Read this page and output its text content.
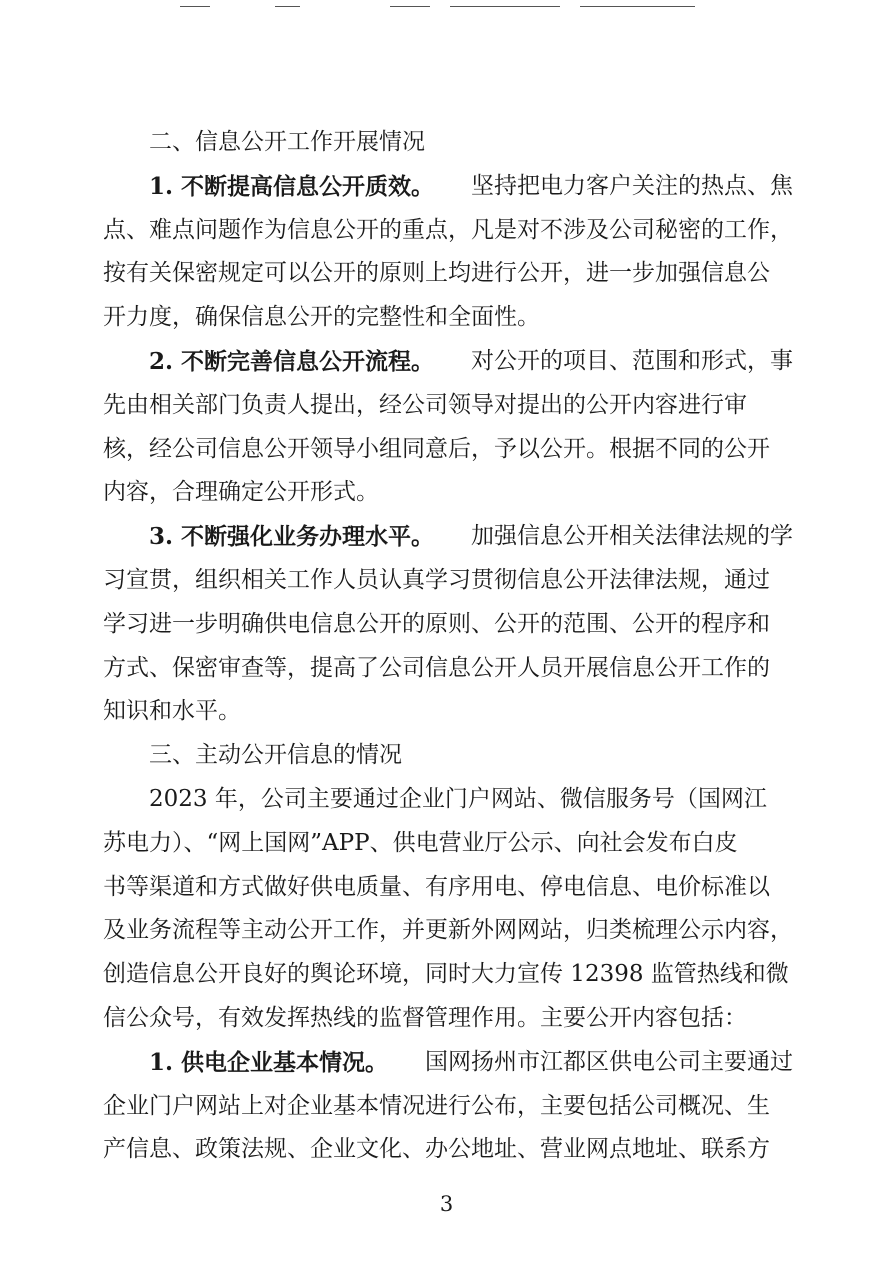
二、信息公开工作开展情况
1. 不断提高信息公开质效。 坚持把电力客户关注的热点、焦
点、难点问题作为信息公开的重点，凡是对不涉及公司秘密的工作，
按有关保密规定可以公开的原则上均进行公开，进一步加强信息公
开力度，确保信息公开的完整性和全面性。
2. 不断完善信息公开流程。 对公开的项目、范围和形式，事
先由相关部门负责人提出，经公司领导对提出的公开内容进行审
核，经公司信息公开领导小组同意后，予以公开。根据不同的公开
内容，合理确定公开形式。
3. 不断强化业务办理水平。 加强信息公开相关法律法规的学
习宣贯，组织相关工作人员认真学习贯彻信息公开法律法规，通过
学习进一步明确供电信息公开的原则、公开的范围、公开的程序和
方式、保密审查等，提高了公司信息公开人员开展信息公开工作的
知识和水平。
三、主动公开信息的情况
2023 年，公司主要通过企业门户网站、微信服务号（国网江
苏电力）、“网上国网”APP、供电营业厅公示、向社会发布白皮
书等渠道和方式做好供电质量、有序用电、停电信息、电价标准以
及业务流程等主动公开工作，并更新外网网站，归类梳理公示内容，
创造信息公开良好的舆论环境，同时大力宣传 12398 监管热线和微
信公众号，有效发挥热线的监督管理作用。主要公开内容包括：
1. 供电企业基本情况。 国网扬州市江都区供电公司主要通过
企业门户网站上对企业基本情况进行公布，主要包括公司概况、生
产信息、政策法规、企业文化、办公地址、营业网点地址、联系方
3
